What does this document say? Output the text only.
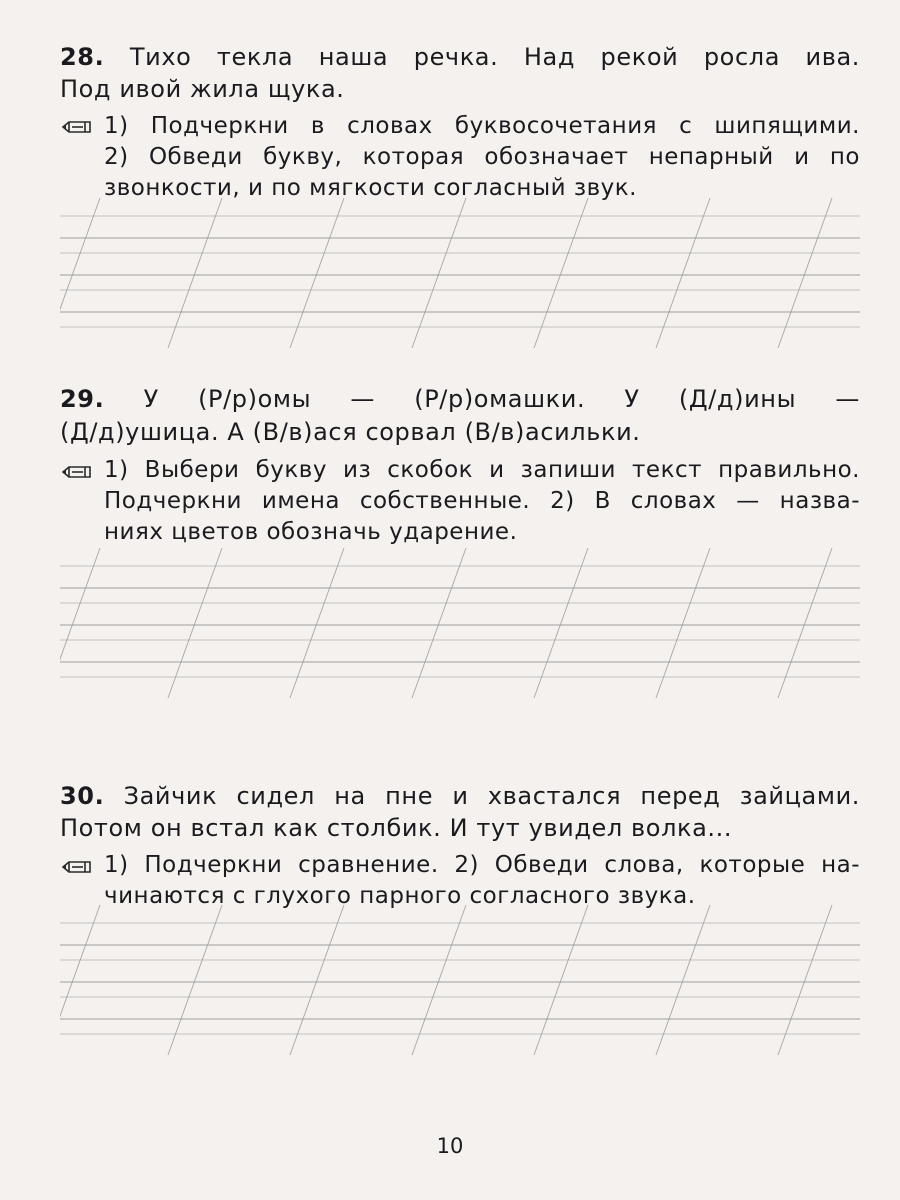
28. Тихо текла наша речка. Над рекой росла ива.
Под ивой жила щука.
1) Подчеркни в словах буквосочетания с шипящими.
2) Обведи букву, которая обозначает непарный и по
звонкости, и по мягкости согласный звук.
29. У (Р/р)омы — (Р/р)омашки. У (Д/д)ины —
(Д/д)ушица. А (В/в)ася сорвал (В/в)асильки.
1) Выбери букву из скобок и запиши текст правильно.
Подчеркни имена собственные. 2) В словах — назва-
ниях цветов обозначь ударение.
30. Зайчик сидел на пне и хвастался перед зайцами.
Потом он встал как столбик. И тут увидел волка...
1) Подчеркни сравнение. 2) Обведи слова, которые на-
чинаются с глухого парного согласного звука.
10
